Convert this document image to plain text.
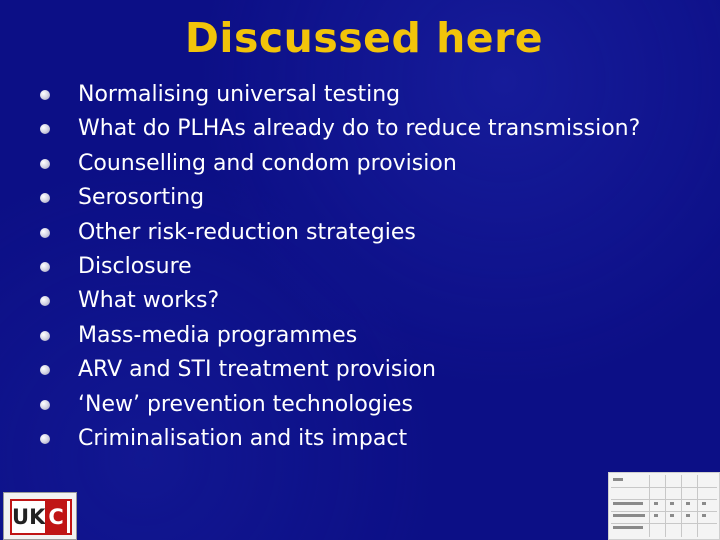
Discussed here
Normalising universal testing
What do PLHAs already do to reduce transmission?
Counselling and condom provision
Serosorting
Other risk-reduction strategies
Disclosure
What works?
Mass-media programmes
ARV and STI treatment provision
‘New’ prevention technologies
Criminalisation and its impact
UK C
